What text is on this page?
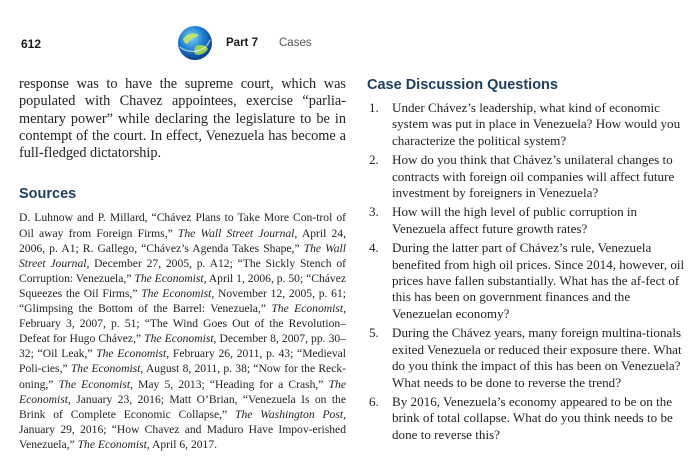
612	Part 7 Cases

response was to have the supreme court, which was populated with Chavez appointees, exercise “parlia-mentary power” while declaring the legislature to be in contempt of the court. In effect, Venezuela has become a full-fledged dictatorship.

Sources

D. Luhnow and P. Millard, “Chávez Plans to Take More Con-trol of Oil away from Foreign Firms,” The Wall Street Journal, April 24, 2006, p. A1; R. Gallego, “Chávez’s Agenda Takes Shape,” The Wall Street Journal, December 27, 2005, p. A12; “The Sickly Stench of Corruption: Venezuela,” The Economist, April 1, 2006, p. 50; “Chávez Squeezes the Oil Firms,” The Economist, November 12, 2005, p. 61; “Glimpsing the Bottom of the Barrel: Venezuela,” The Economist, February 3, 2007, p. 51; “The Wind Goes Out of the Revolution–Defeat for Hugo Chávez,” The Economist, December 8, 2007, pp. 30–32; “Oil Leak,” The Economist, February 26, 2011, p. 43; “Medieval Poli-cies,” The Economist, August 8, 2011, p. 38; “Now for the Reck-oning,” The Economist, May 5, 2013; “Heading for a Crash,” The Economist, January 23, 2016; Matt O’Brian, “Venezuela Is on the Brink of Complete Economic Collapse,” The Washington Post, January 29, 2016; “How Chavez and Maduro Have Impov-erished Venezuela,” The Economist, April 6, 2017.

Case Discussion Questions
1. Under Chávez’s leadership, what kind of economic system was put in place in Venezuela? How would you characterize the political system?
2. How do you think that Chávez’s unilateral changes to contracts with foreign oil companies will affect future investment by foreigners in Venezuela?
3. How will the high level of public corruption in Venezuela affect future growth rates?
4. During the latter part of Chávez’s rule, Venezuela benefited from high oil prices. Since 2014, however, oil prices have fallen substantially. What has the af-fect of this has been on government finances and the Venezuelan economy?
5. During the Chávez years, many foreign multina-tionals exited Venezuela or reduced their exposure there. What do you think the impact of this has been on Venezuela? What needs to be done to reverse the trend?
6. By 2016, Venezuela’s economy appeared to be on the brink of total collapse. What do you think needs to be done to reverse this?
